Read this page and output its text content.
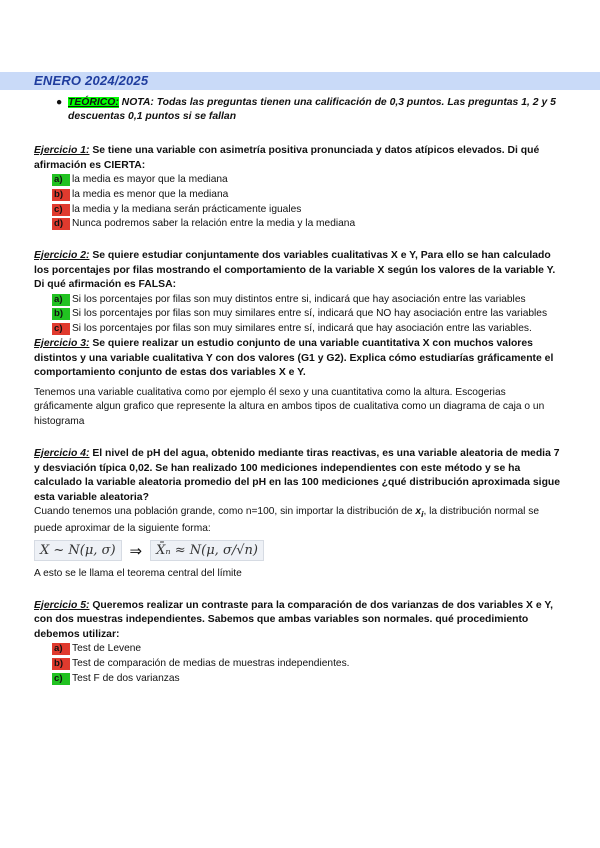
ENERO 2024/2025
● TEÓRICO: NOTA: Todas las preguntas tienen una calificación de 0,3 puntos. Las preguntas 1, 2 y 5 descuentas 0,1 puntos si se fallan

Ejercicio 1: Se tiene una variable con asimetría positiva pronunciada y datos atípicos elevados. Di qué afirmación es CIERTA:

a) la media es mayor que la mediana
b) la media es menor que la mediana
c) la media y la mediana serán prácticamente iguales
d) Nunca podremos saber la relación entre la media y la mediana

Ejercicio 2: Se quiere estudiar conjuntamente dos variables cualitativas X e Y, Para ello se han calculado los porcentajes por filas mostrando el comportamiento de la variable X según los valores de la variable Y. Di qué afirmación es FALSA:

a) Si los porcentajes por filas son muy distintos entre si, indicará que hay asociación entre las variables
b) Si los porcentajes por filas son muy similares entre sí, indicará que NO hay asociación entre las variables
c) Si los porcentajes por filas son muy similares entre sí, indicará que hay asociación entre las variables.

Ejercicio 3: Se quiere realizar un estudio conjunto de una variable cuantitativa X con muchos valores distintos y una variable cualitativa Y con dos valores (G1 y G2). Explica cómo estudiarías gráficamente el comportamiento conjunto de estas dos variables X e Y.

Tenemos una variable cualitativa como por ejemplo él sexo y una cuantitativa como la altura. Escogerias gráficamente algun grafico que represente la altura en ambos tipos de cualitativa como un diagrama de caja o un histograma

Ejercicio 4: El nivel de pH del agua, obtenido mediante tiras reactivas, es una variable aleatoria de media 7 y desviación típica 0,02. Se han realizado 100 mediciones independientes con este método y se ha calculado la variable aleatoria promedio del pH en las 100 mediciones ¿qué distribución aproximada sigue esta variable aleatoria?

Cuando tenemos una población grande, como n=100, sin importar la distribución de $x_i$, la distribución normal se puede aproximar de la siguiente forma:

X ~ N(μ, σ) ⇒	X̄ₙ ≈ N(μ, σ/√n)

A esto se le llama el teorema central del límite

Ejercicio 5: Queremos realizar un contraste para la comparación de dos varianzas de dos variables X e Y, con dos muestras independientes. Sabemos que ambas variables son normales. qué procedimiento debemos utilizar:

a) Test de Levene
b) Test de comparación de medias de muestras independientes.
c) Test F de dos varianzas
